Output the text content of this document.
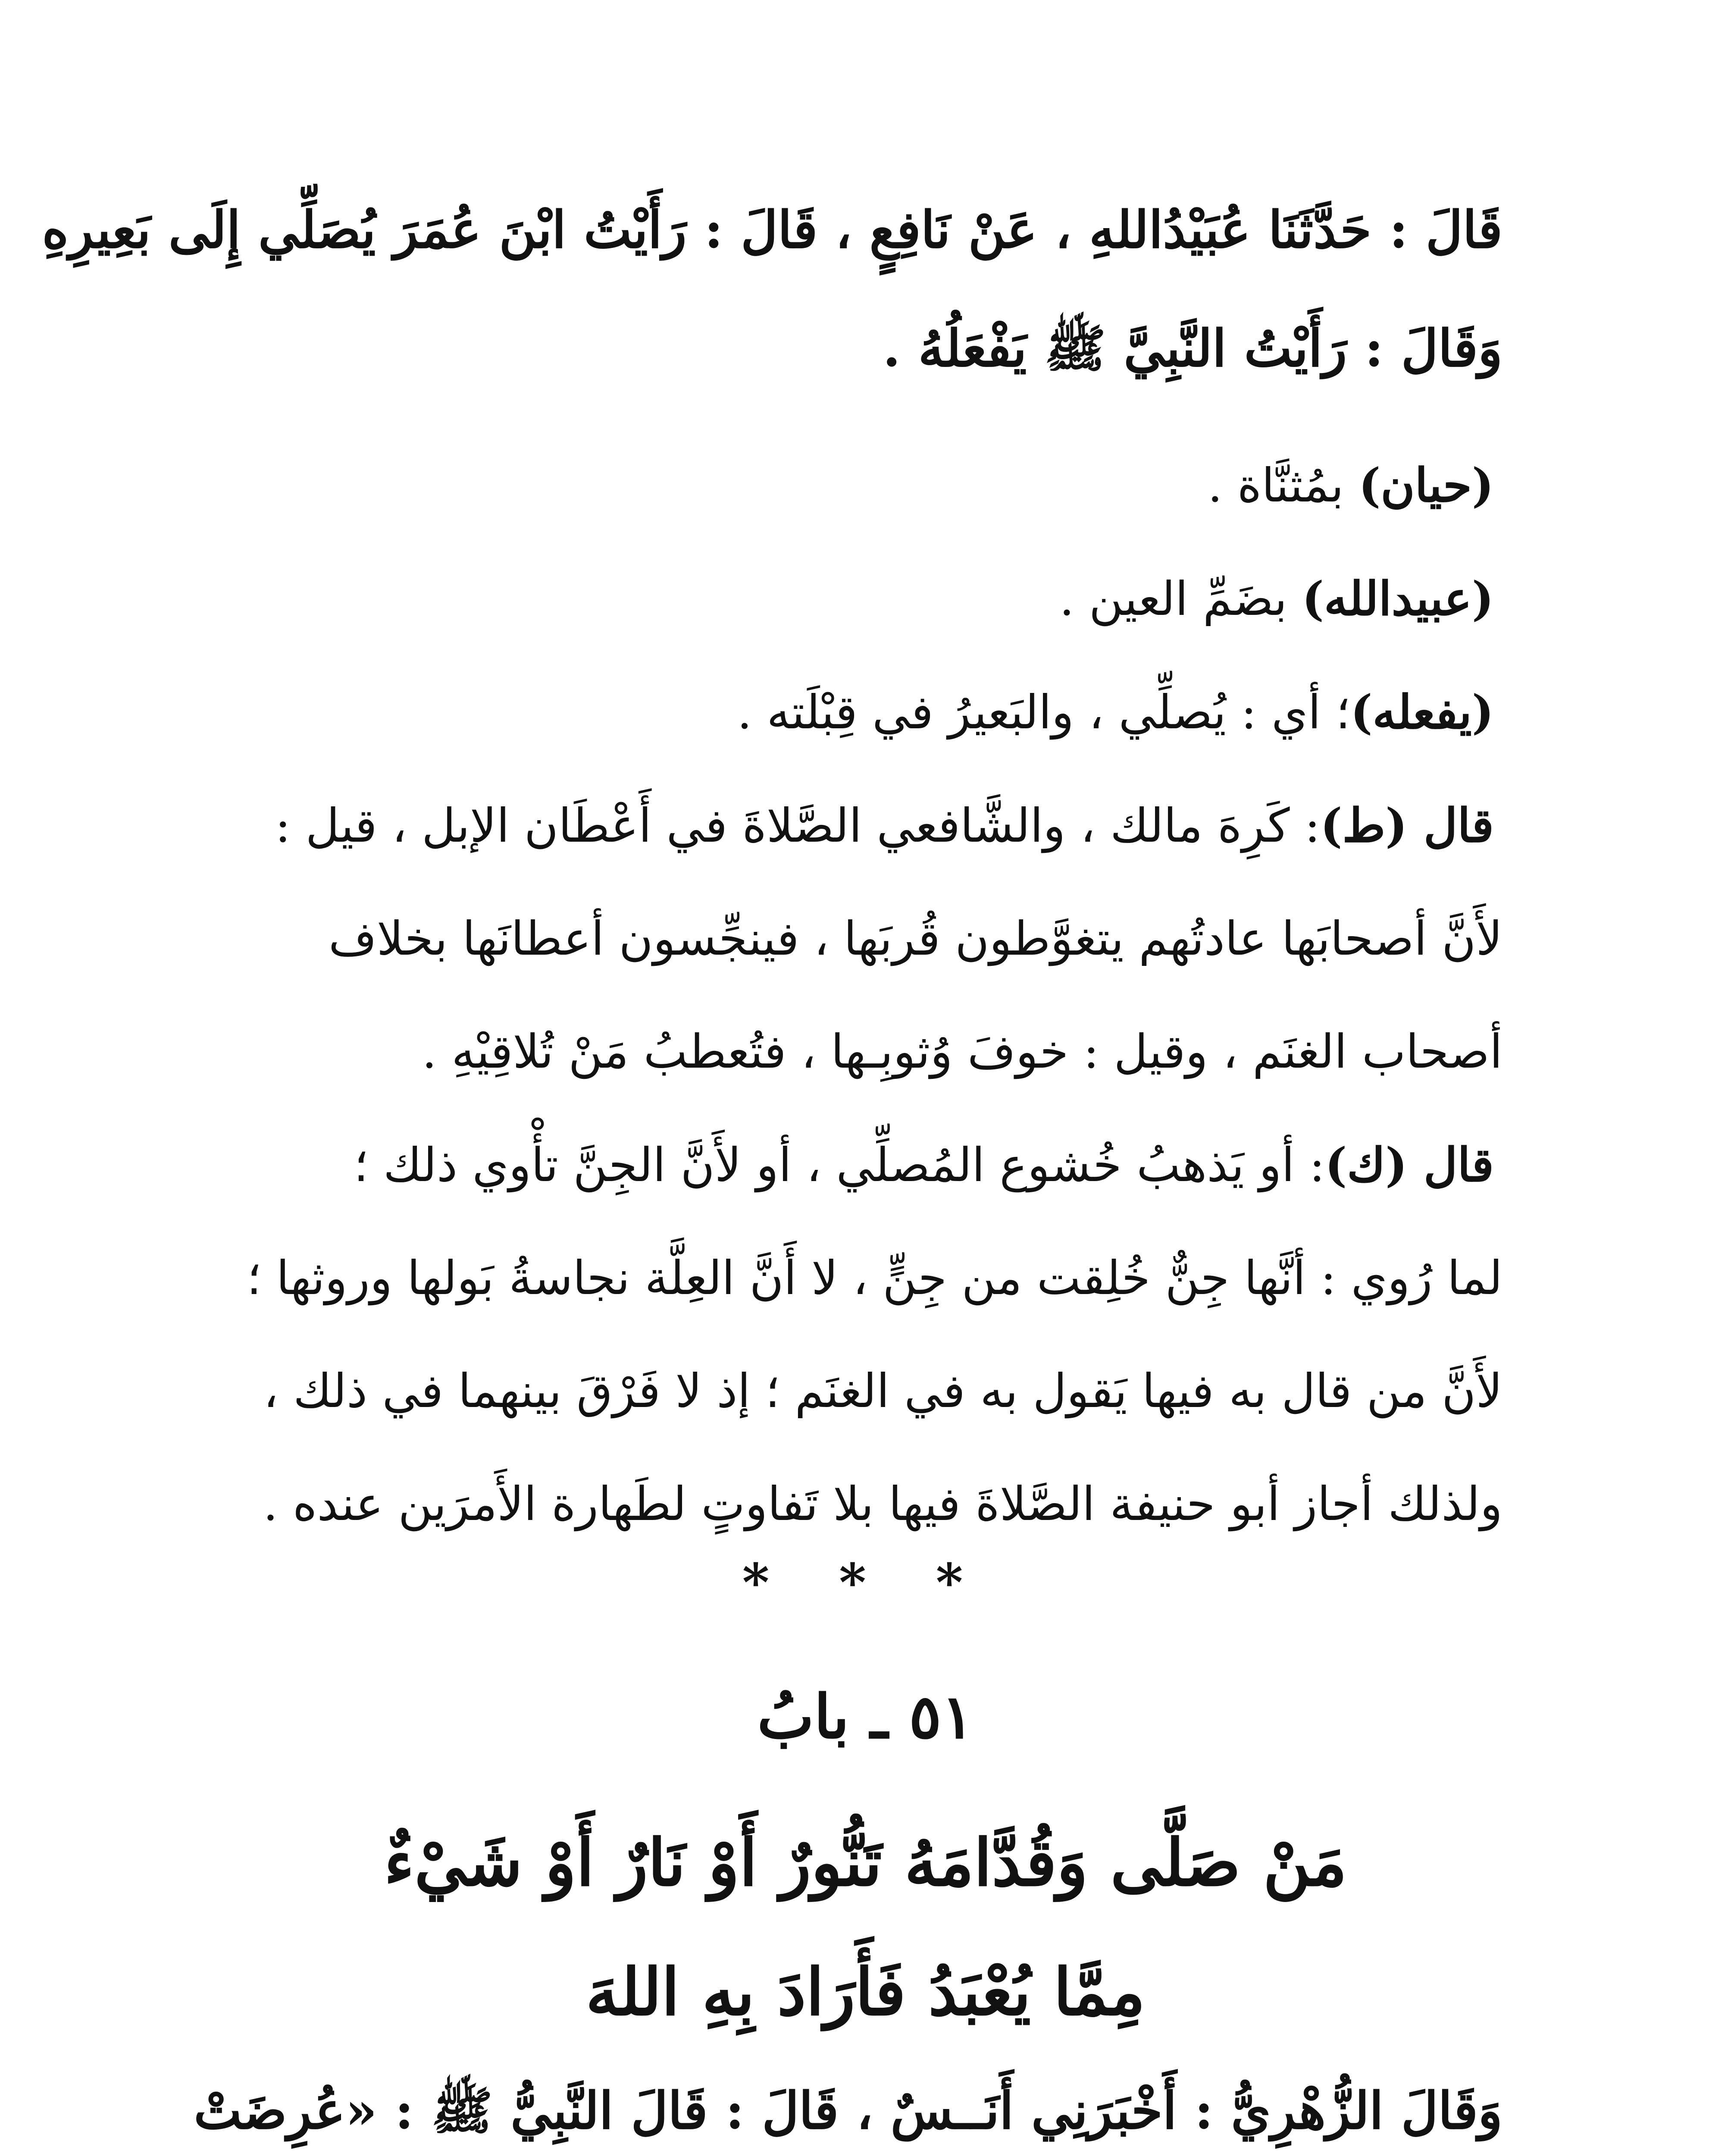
قَالَ : حَدَّثَنَا عُبَيْدُاللهِ ، عَنْ نَافِعٍ ، قَالَ : رَأَيْتُ ابْنَ عُمَرَ يُصَلِّي إِلَى بَعِيرِهِ
وَقَالَ : رَأَيْتُ النَّبِيَّ ﷺ يَفْعَلُهُ .
(حيان) بمُثنَّاة .
(عبيدالله) بضَمِّ العين .
(يفعله)؛ أي : يُصلِّي ، والبَعيرُ في قِبْلَته .
قال (ط): كَرِهَ مالك ، والشَّافعي الصَّلاةَ في أَعْطَان الإبل ، قيل :
لأَنَّ أصحابَها عادتُهم يتغوَّطون قُربَها ، فينجِّسون أعطانَها بخلاف
أصحاب الغنَم ، وقيل : خوفَ وُثوبِـها ، فتُعطبُ مَنْ تُلاقِيْهِ .
قال (ك): أو يَذهبُ خُشوع المُصلِّي ، أو لأَنَّ الجِنَّ تأْوي ذلك ؛
لما رُوي : أنَّها جِنٌّ خُلِقت من جِنٍّ ، لا أَنَّ العِلَّة نجاسةُ بَولها وروثها ؛
لأَنَّ من قال به فيها يَقول به في الغنَم ؛ إذ لا فَرْقَ بينهما في ذلك ،
ولذلك أجاز أبو حنيفة الصَّلاةَ فيها بلا تَفاوتٍ لطَهارة الأَمرَين عنده .
* * *
٥١ ـ بابُ
مَنْ صَلَّى وَقُدَّامَهُ تَنُّورٌ أَوْ نَارٌ أَوْ شَيْءٌ
مِمَّا يُعْبَدُ فَأَرَادَ بِهِ اللهَ
وَقَالَ الزُّهْرِيُّ : أَخْبَرَنِي أَنَــسٌ ، قَالَ : قَالَ النَّبِيُّ ﷺ : «عُرِضَتْ
